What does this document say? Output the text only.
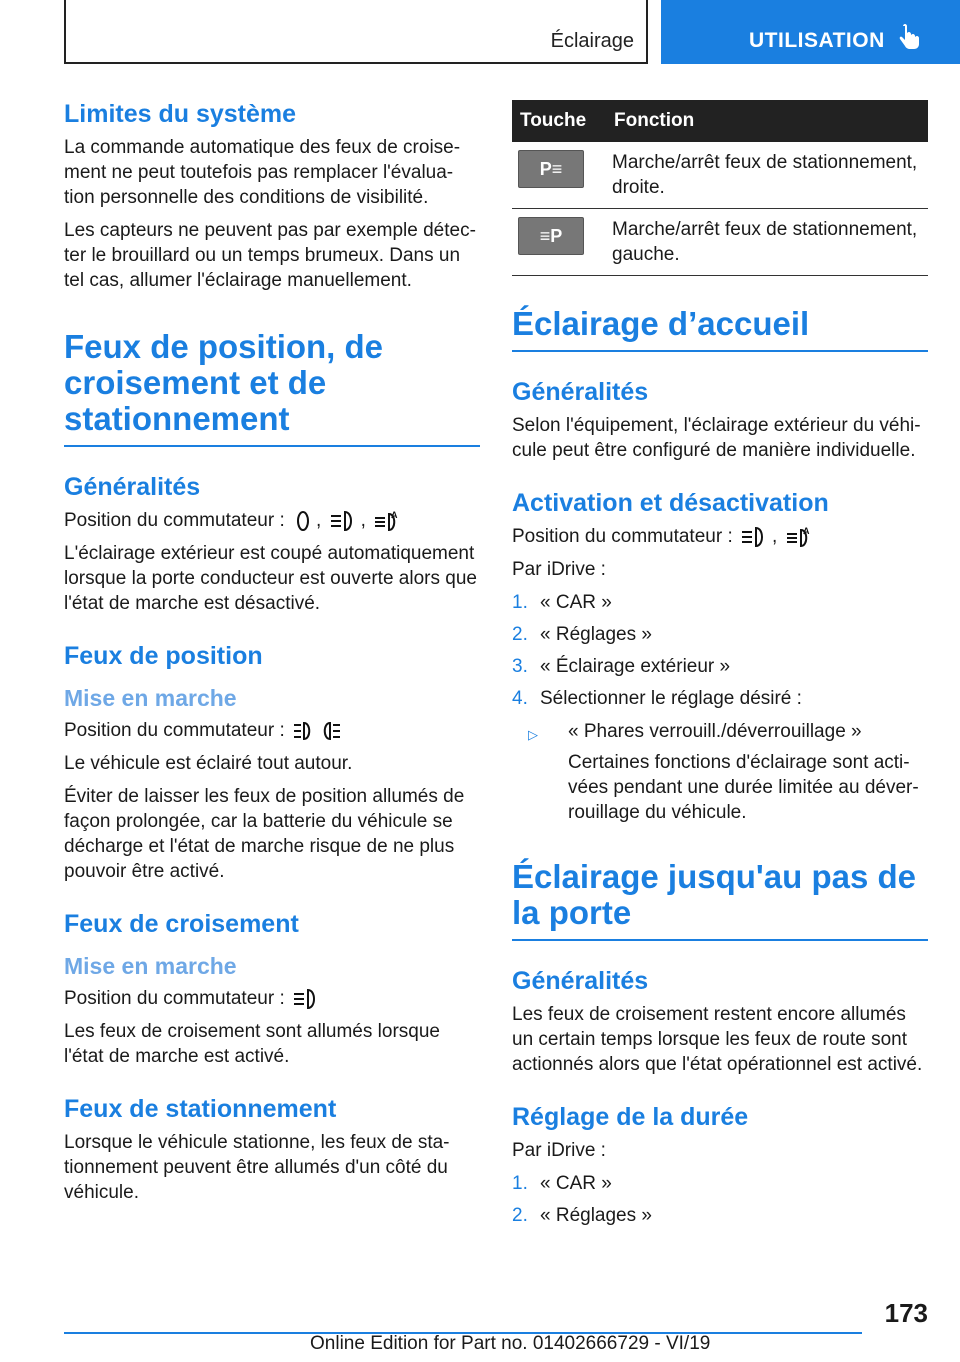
Éclairage	UTILISATION
Limites du système

La commande automatique des feux de croise-ment ne peut toutefois pas remplacer l'évalua-tion personnelle des conditions de visibilité.

Les capteurs ne peuvent pas par exemple détec-ter le brouillard ou un temps brumeux. Dans un tel cas, allumer l'éclairage manuellement.

Feux de position, de croisement et de stationnement
Généralités

Position du commutateur : , , A

L'éclairage extérieur est coupé automatiquement lorsque la porte conducteur est ouverte alors que l'état de marche est désactivé.

Feux de position
Mise en marche

Position du commutateur :

Le véhicule est éclairé tout autour.

Éviter de laisser les feux de position allumés de façon prolongée, car la batterie du véhicule se décharge et l'état de marche risque de ne plus pouvoir être activé.

Feux de croisement
Mise en marche

Position du commutateur :

Les feux de croisement sont allumés lorsque l'état de marche est activé.

Feux de stationnement

Lorsque le véhicule stationne, les feux de sta-tionnement peuvent être allumés d'un côté du véhicule.

Touche	Fonction

P≡	Marche/arrêt feux de stationnement, droite.

≡P	Marche/arrêt feux de stationnement, gauche.
Éclairage d’accueil
Généralités

Selon l'équipement, l'éclairage extérieur du véhi-cule peut être configuré de manière individuelle.

Activation et désactivation

Position du commutateur : , A

Par iDrive :

1. « CAR »
2. « Réglages »
3. « Éclairage extérieur »
4. Sélectionner le réglage désiré :
▷ « Phares verrouill./déverrouillage »
Certaines fonctions d'éclairage sont acti-vées pendant une durée limitée au déver-rouillage du véhicule.
Éclairage jusqu'au pas de la porte
Généralités

Les feux de croisement restent encore allumés un certain temps lorsque les feux de route sont actionnés alors que l'état opérationnel est activé.

Réglage de la durée

Par iDrive :

1. « CAR »
2. « Réglages »
173
Online Edition for Part no. 01402666729 - VI/19
